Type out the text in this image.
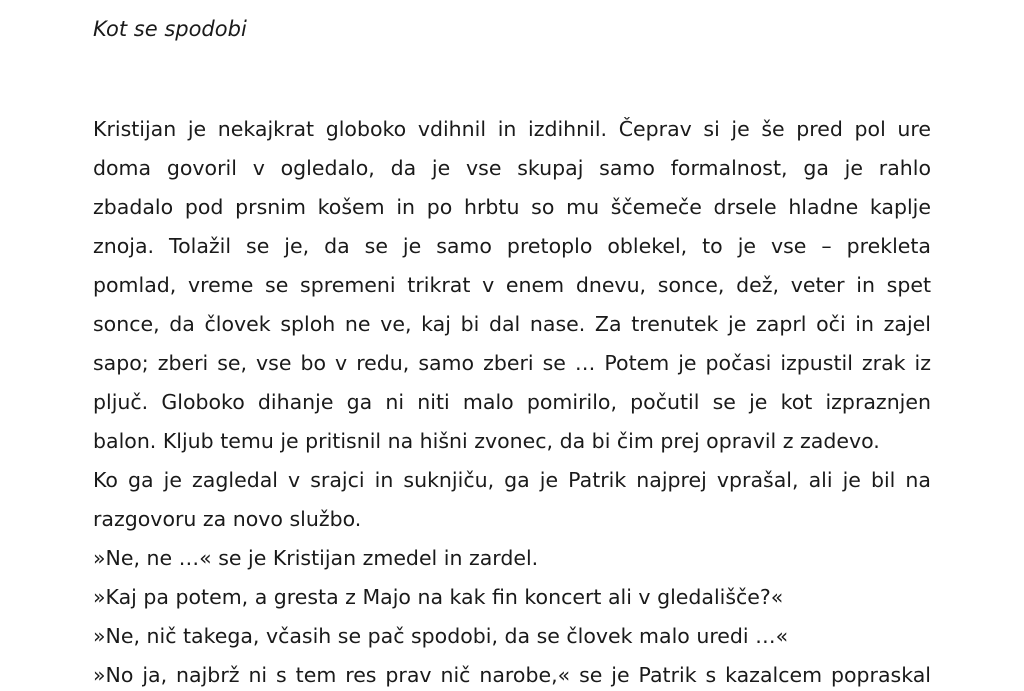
Kot se spodobi
Kristijan je nekajkrat globoko vdihnil in izdihnil. Čeprav si je še pred pol ure
doma govoril v ogledalo, da je vse skupaj samo formalnost, ga je rahlo
zbadalo pod prsnim košem in po hrbtu so mu ščemeče drsele hladne kaplje
znoja. Tolažil se je, da se je samo pretoplo oblekel, to je vse – prekleta
pomlad, vreme se spremeni trikrat v enem dnevu, sonce, dež, veter in spet
sonce, da človek sploh ne ve, kaj bi dal nase. Za trenutek je zaprl oči in zajel
sapo; zberi se, vse bo v redu, samo zberi se … Potem je počasi izpustil zrak iz
pljuč. Globoko dihanje ga ni niti malo pomirilo, počutil se je kot izpraznjen
balon. Kljub temu je pritisnil na hišni zvonec, da bi čim prej opravil z zadevo.
Ko ga je zagledal v srajci in suknjiču, ga je Patrik najprej vprašal, ali je bil na
razgovoru za novo službo.
»Ne, ne …« se je Kristijan zmedel in zardel.
»Kaj pa potem, a gresta z Majo na kak fin koncert ali v gledališče?«
»Ne, nič takega, včasih se pač spodobi, da se človek malo uredi …«
»No ja, najbrž ni s tem res prav nič narobe,« se je Patrik s kazalcem popraskal
